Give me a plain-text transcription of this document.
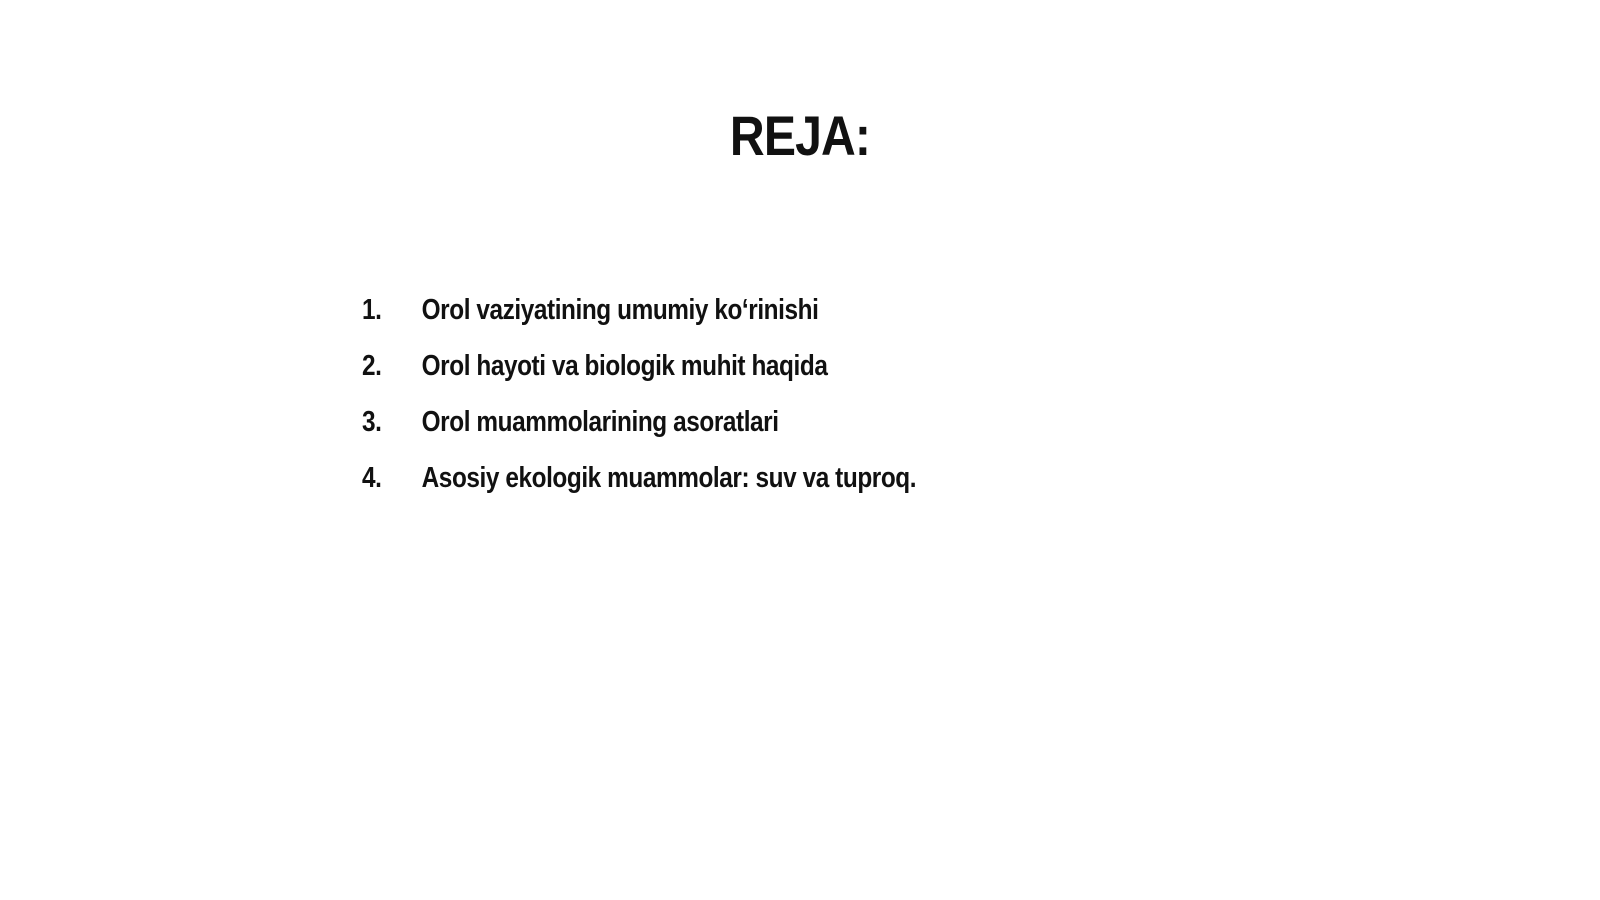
REJA:
1. Orol vaziyatining umumiy ko‘rinishi
2. Orol hayoti va biologik muhit haqida
3. Orol muammolarining asoratlari
4. Asosiy ekologik muammolar: suv va tuproq.
